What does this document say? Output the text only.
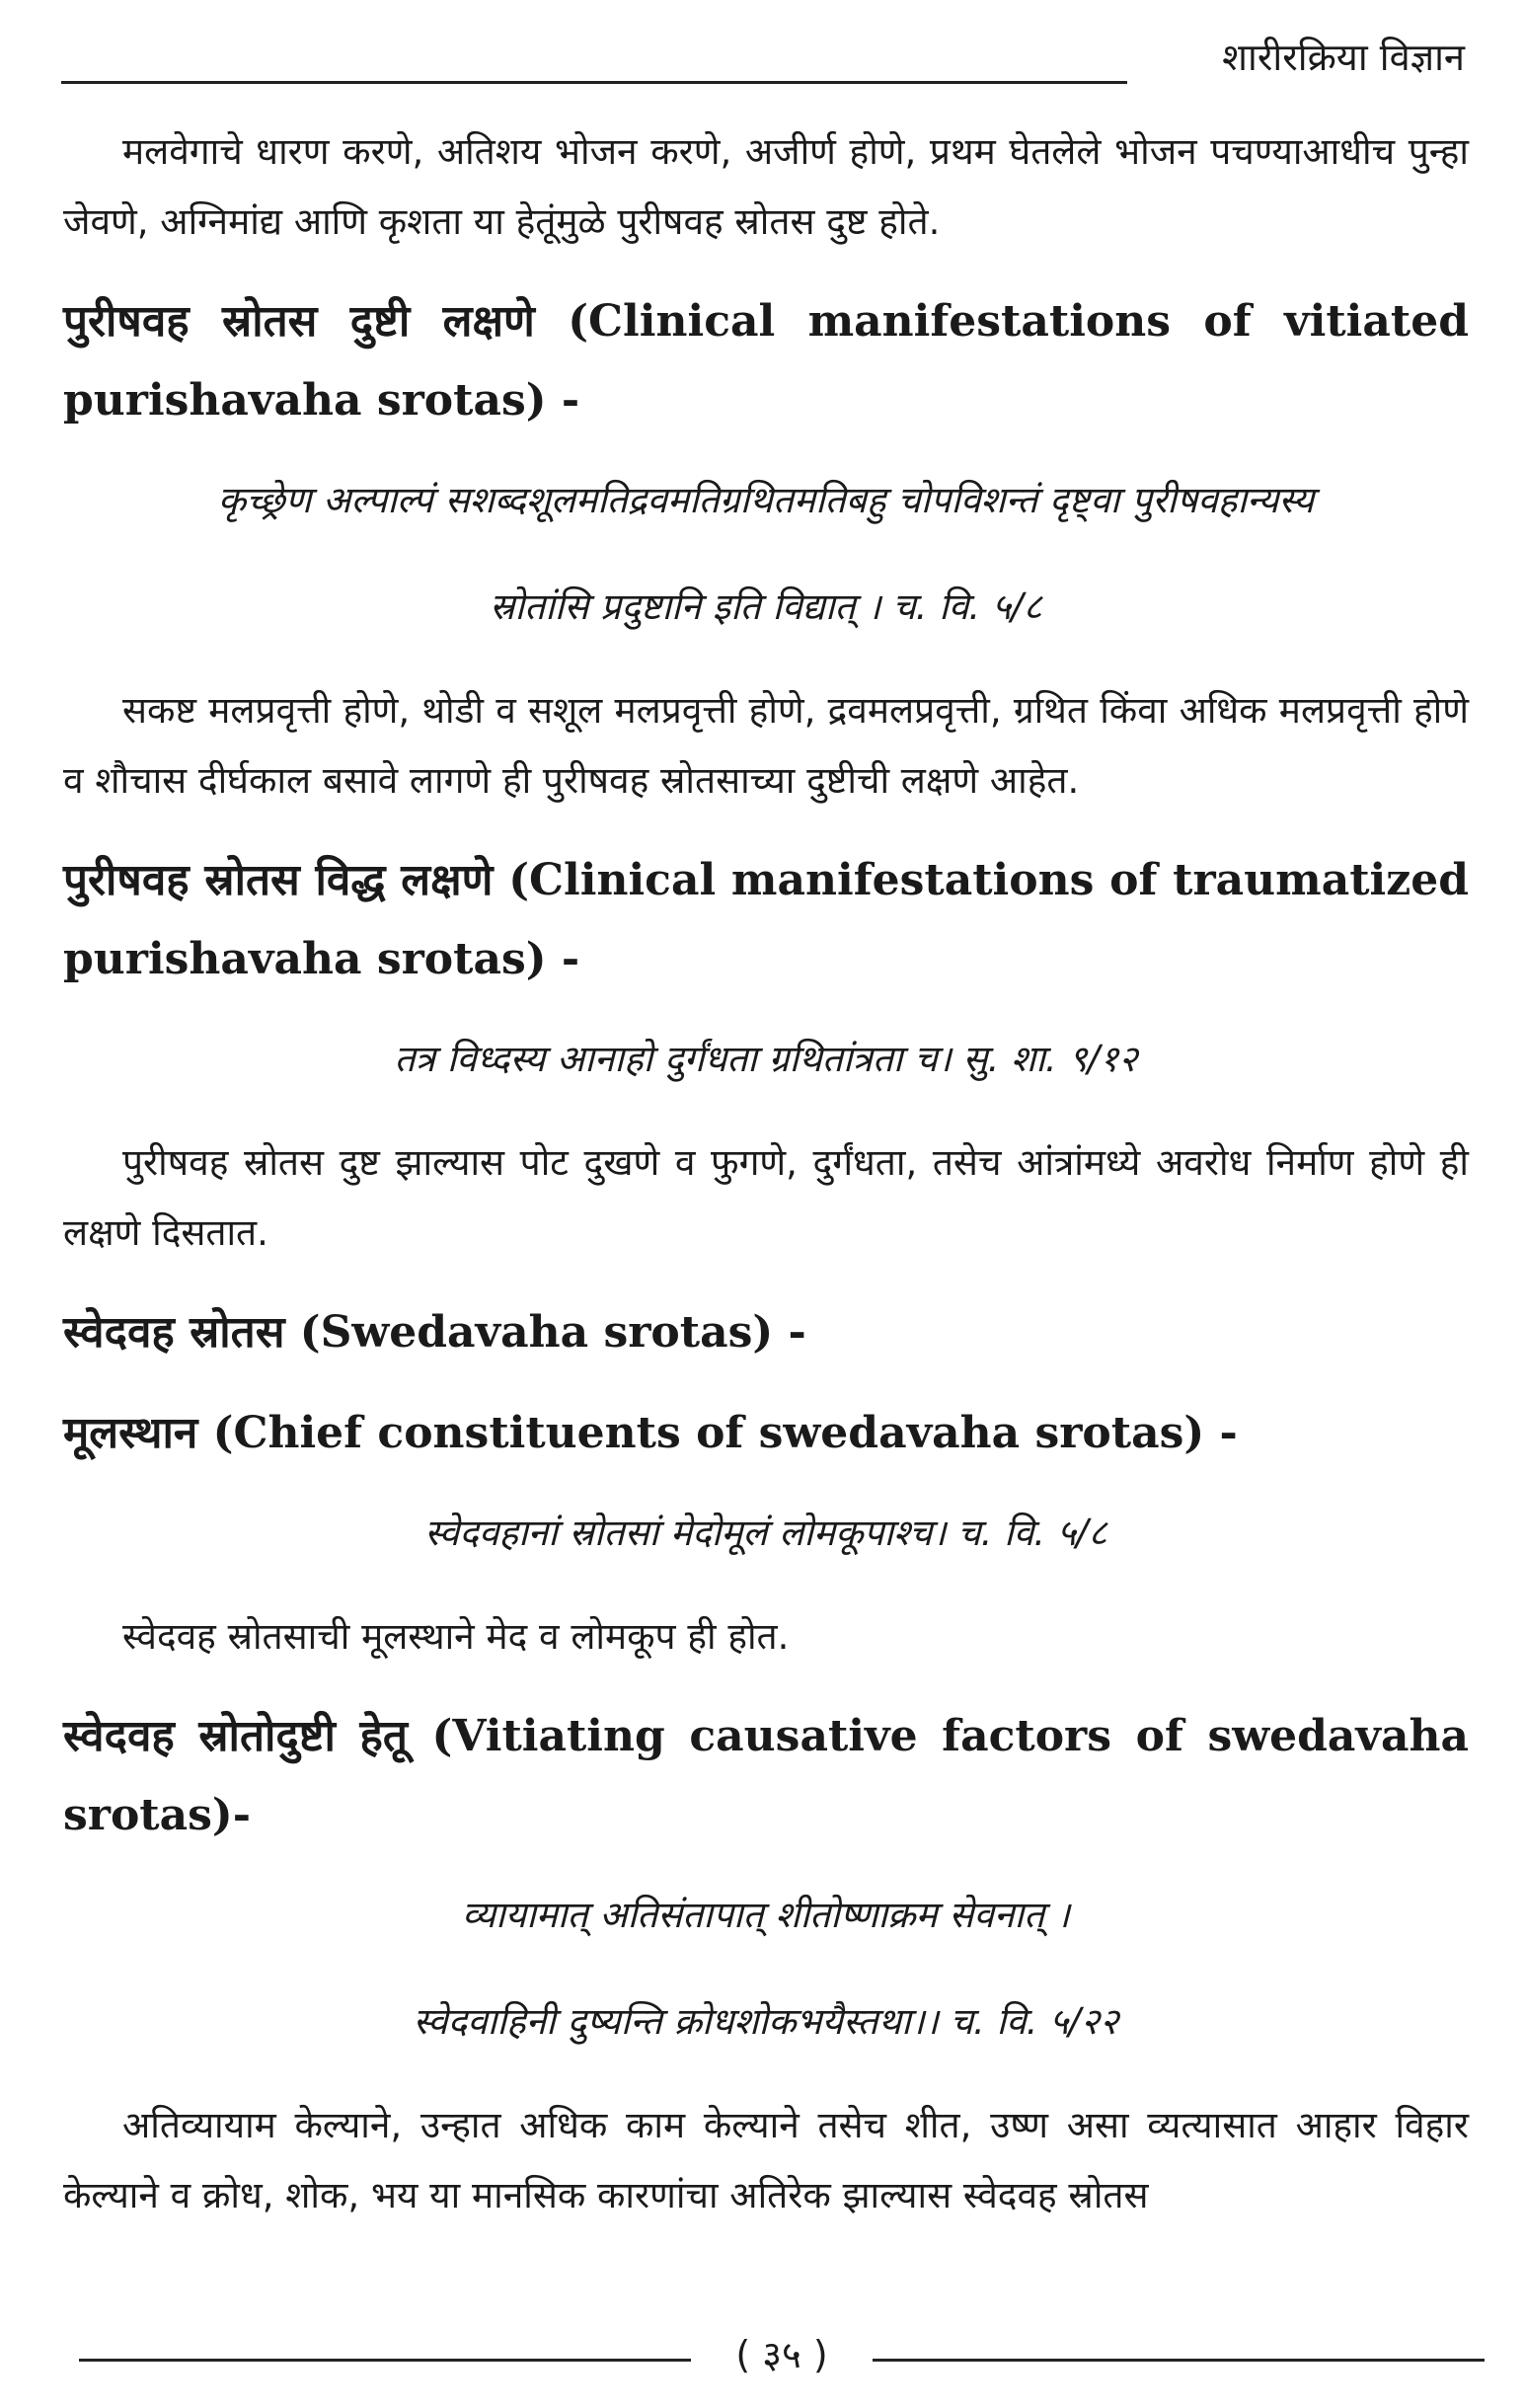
शारीरक्रिया विज्ञान

मलवेगाचे धारण करणे, अतिशय भोजन करणे, अजीर्ण होणे, प्रथम घेतलेले भोजन पचण्याआधीच पुन्हा जेवणे, अग्निमांद्य आणि कृशता या हेतूंमुळे पुरीषवह स्रोतस दुष्ट होते.

पुरीषवह स्रोतस दुष्टी लक्षणे (Clinical manifestations of vitiated purishavaha srotas) -
कृच्छ्रेण अल्पाल्पं सशब्दशूलमतिद्रवमतिग्रथितमतिबहु चोपविशन्तं दृष्ट्वा पुरीषवहान्यस्य
स्रोतांसि प्रदुष्टानि इति विद्यात् । च. वि. ५/८

सकष्ट मलप्रवृत्ती होणे, थोडी व सशूल मलप्रवृत्ती होणे, द्रवमलप्रवृत्ती, ग्रथित किंवा अधिक मलप्रवृत्ती होणे व शौचास दीर्घकाल बसावे लागणे ही पुरीषवह स्रोतसाच्या दुष्टीची लक्षणे आहेत.

पुरीषवह स्रोतस विद्ध लक्षणे (Clinical manifestations of traumatized purishavaha srotas) -
तत्र विध्दस्य आनाहो दुर्गंधता ग्रथितांत्रता च। सु. शा. ९/१२

पुरीषवह स्रोतस दुष्ट झाल्यास पोट दुखणे व फुगणे, दुर्गंधता, तसेच आंत्रांमध्ये अवरोध निर्माण होणे ही लक्षणे दिसतात.

स्वेदवह स्रोतस (Swedavaha srotas) -
मूलस्थान (Chief constituents of swedavaha srotas) -
स्वेदवहानां स्रोतसां मेदोमूलं लोमकूपाश्च। च. वि. ५/८

स्वेदवह स्रोतसाची मूलस्थाने मेद व लोमकूप ही होत.

स्वेदवह स्रोतोदुष्टी हेतू (Vitiating causative factors of swedavaha srotas)-
व्यायामात् अतिसंतापात् शीतोष्णाक्रम सेवनात् ।
स्वेदवाहिनी दुष्यन्ति क्रोधशोकभयैस्तथा।। च. वि. ५/२२

अतिव्यायाम केल्याने, उन्हात अधिक काम केल्याने तसेच शीत, उष्ण असा व्यत्यासात आहार विहार केल्याने व क्रोध, शोक, भय या मानसिक कारणांचा अतिरेक झाल्यास स्वेदवह स्रोतस

( ३५ )
